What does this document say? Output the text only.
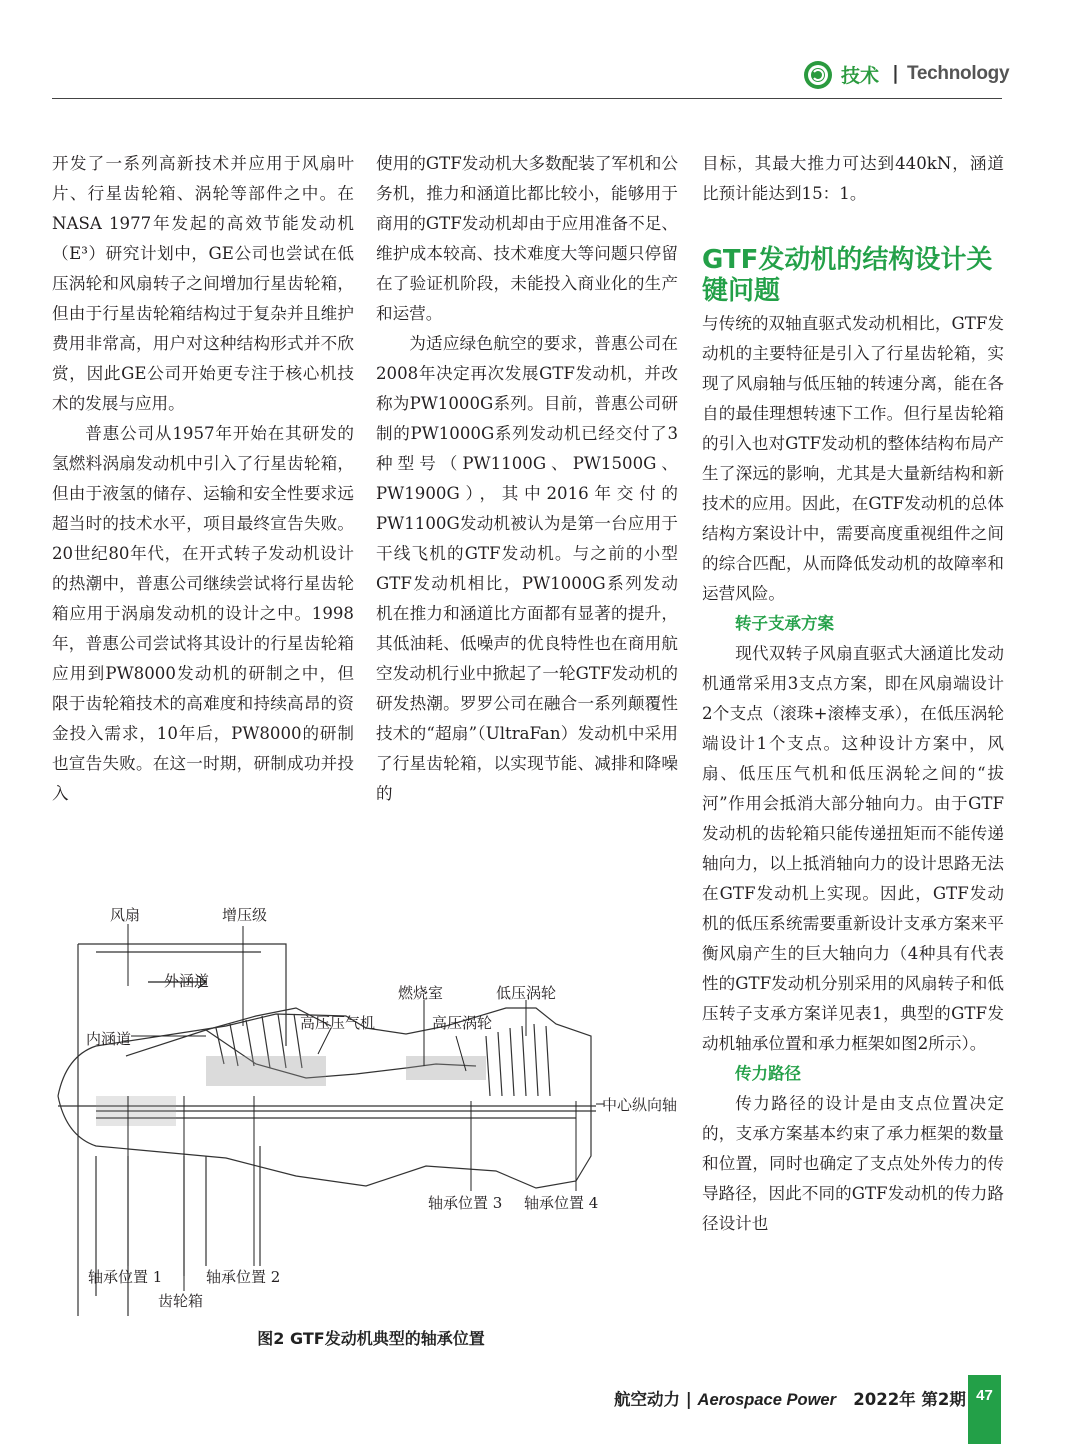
技术 | Technology

开发了一系列高新技术并应用于风扇叶片、行星齿轮箱、涡轮等部件之中。在NASA 1977年发起的高效节能发动机（E³）研究计划中，GE公司也尝试在低压涡轮和风扇转子之间增加行星齿轮箱，但由于行星齿轮箱结构过于复杂并且维护费用非常高，用户对这种结构形式并不欣赏，因此GE公司开始更专注于核心机技术的发展与应用。

普惠公司从1957年开始在其研发的氢燃料涡扇发动机中引入了行星齿轮箱，但由于液氢的储存、运输和安全性要求远超当时的技术水平，项目最终宣告失败。20世纪80年代，在开式转子发动机设计的热潮中，普惠公司继续尝试将行星齿轮箱应用于涡扇发动机的设计之中。1998年，普惠公司尝试将其设计的行星齿轮箱应用到PW8000发动机的研制之中，但限于齿轮箱技术的高难度和持续高昂的资金投入需求，10年后，PW8000的研制也宣告失败。在这一时期，研制成功并投入

使用的GTF发动机大多数配装了军机和公务机，推力和涵道比都比较小，能够用于商用的GTF发动机却由于应用准备不足、维护成本较高、技术难度大等问题只停留在了验证机阶段，未能投入商业化的生产和运营。

为适应绿色航空的要求，普惠公司在2008年决定再次发展GTF发动机，并改称为PW1000G系列。目前，普惠公司研制的PW1000G系列发动机已经交付了3种型号（PW1100G、PW1500G、PW1900G），其中2016年交付的PW1100G发动机被认为是第一台应用于干线飞机的GTF发动机。与之前的小型GTF发动机相比，PW1000G系列发动机在推力和涵道比方面都有显著的提升，其低油耗、低噪声的优良特性也在商用航空发动机行业中掀起了一轮GTF发动机的研发热潮。罗罗公司在融合一系列颠覆性技术的“超扇”（UltraFan）发动机中采用了行星齿轮箱，以实现节能、减排和降噪的

目标，其最大推力可达到440kN，涵道比预计能达到15：1。

GTF发动机的结构设计关键问题

与传统的双轴直驱式发动机相比，GTF发动机的主要特征是引入了行星齿轮箱，实现了风扇轴与低压轴的转速分离，能在各自的最佳理想转速下工作。但行星齿轮箱的引入也对GTF发动机的整体结构布局产生了深远的影响，尤其是大量新结构和新技术的应用。因此，在GTF发动机的总体结构方案设计中，需要高度重视组件之间的综合匹配，从而降低发动机的故障率和运营风险。

转子支承方案

现代双转子风扇直驱式大涵道比发动机通常采用3支点方案，即在风扇端设计2个支点（滚珠+滚棒支承），在低压涡轮端设计1个支点。这种设计方案中，风扇、低压压气机和低压涡轮之间的“拔河”作用会抵消大部分轴向力。由于GTF发动机的齿轮箱只能传递扭矩而不能传递轴向力，以上抵消轴向力的设计思路无法在GTF发动机上实现。因此，GTF发动机的低压系统需要重新设计支承方案来平衡风扇产生的巨大轴向力（4种具有代表性的GTF发动机分别采用的风扇转子和低压转子支承方案详见表1，典型的GTF发动机轴承位置和承力框架如图2所示）。

传力路径

传力路径的设计是由支点位置决定的，支承方案基本约束了承力框架的数量和位置，同时也确定了支点处外传力的传导路径，因此不同的GTF发动机的传力路径设计也

风扇	增压级
外涵道
内涵道
燃烧室	低压涡轮
高压压气机	高压涡轮
中心纵向轴
轴承位置 3 轴承位置 4
轴承位置 1	轴承位置 2
齿轮箱
图2 GTF发动机典型的轴承位置
航空动力 | Aerospace Power 2022年 第2期 47
